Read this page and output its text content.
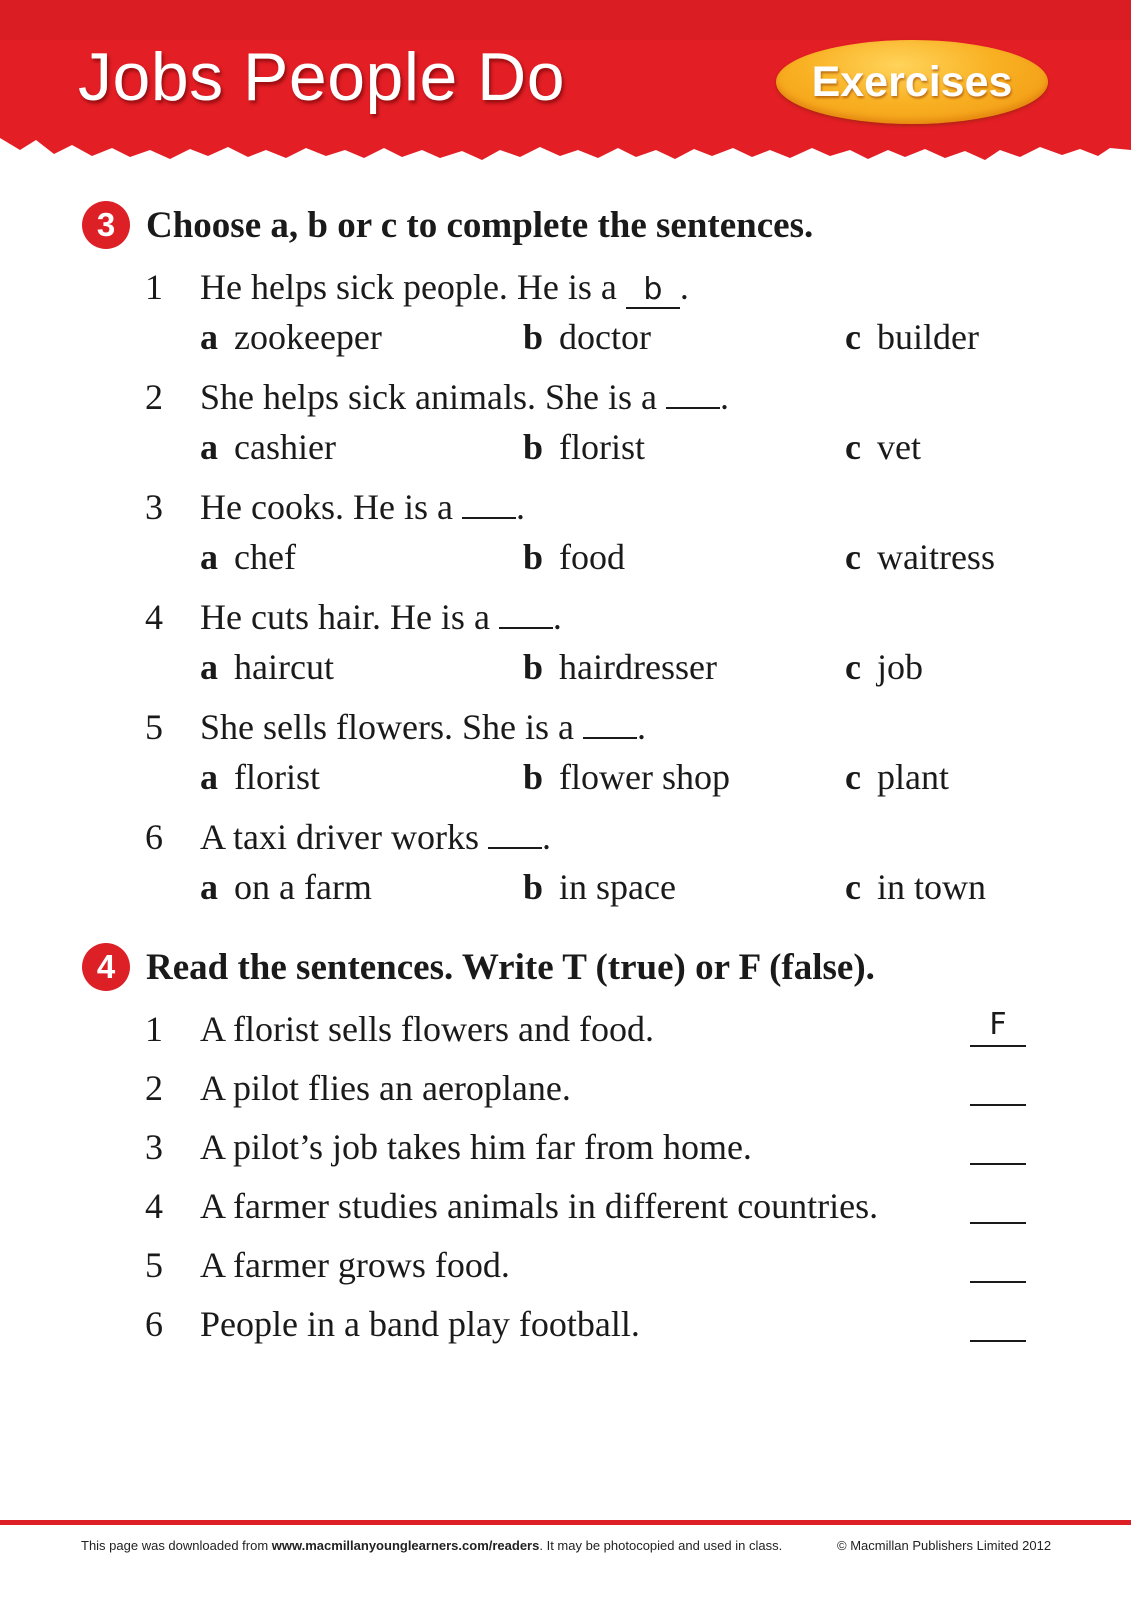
Jobs People Do	Exercises
3 Choose a, b or c to complete the sentences.
1 He helps sick people. He is a b .
a zookeeper	b doctor	c builder
2 She helps sick animals. She is a .
a cashier	b florist	c vet
3 He cooks. He is a .
a chef	b food	c waitress
4 He cuts hair. He is a .
a haircut	b hairdresser	c job
5 She sells flowers. She is a .
a florist	b flower shop	c plant
6 A taxi driver works .
a on a farm	b in space	c in town
4 Read the sentences. Write T (true) or F (false).
1 A florist sells flowers and food.	F
2 A pilot flies an aeroplane.
3 A pilot’s job takes him far from home.
4 A farmer studies animals in different countries.
5 A farmer grows food.
6 People in a band play football.
This page was downloaded from www.macmillanyounglearners.com/readers. It may be photocopied and used in class.	© Macmillan Publishers Limited 2012
